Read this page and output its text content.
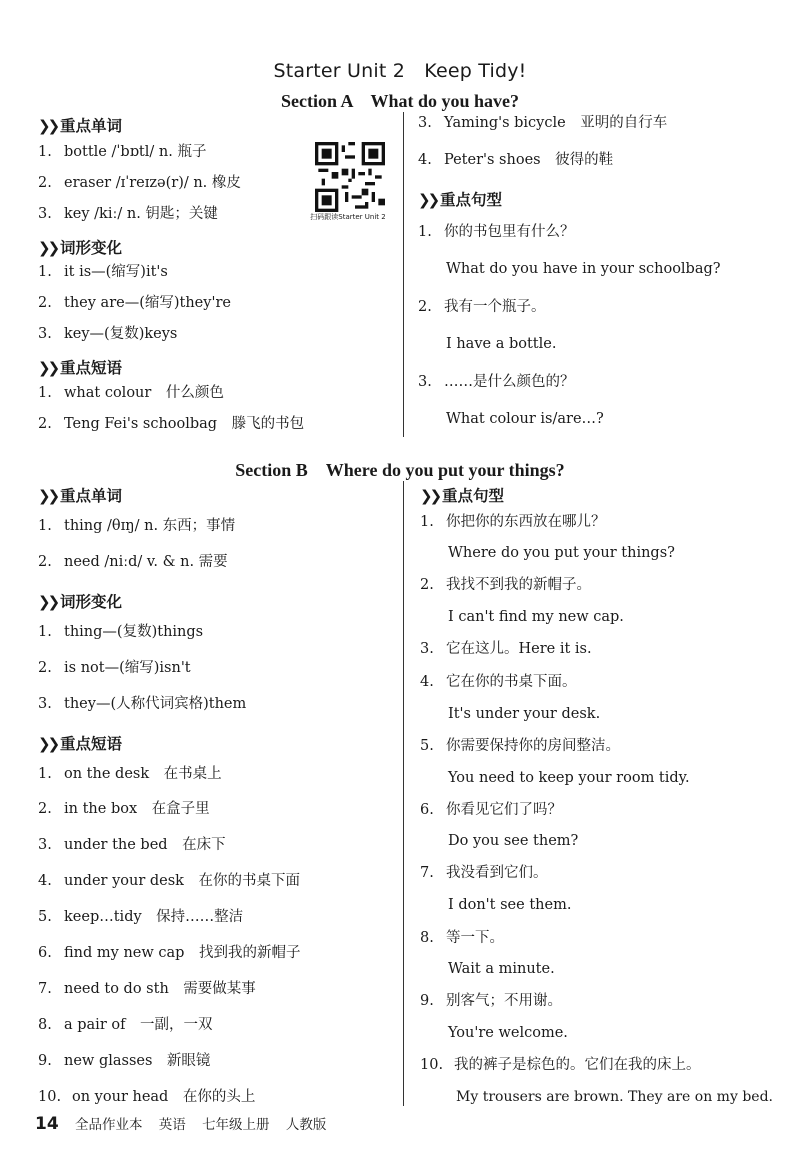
Starter Unit 2　Keep Tidy!
Section A　What do you have?
❯❯ 重点单词
1. bottle /ˈbɒtl/ n. 瓶子
2. eraser /ɪˈreɪzə(r)/ n. 橡皮
3. key /kiː/ n. 钥匙；关键	扫码跟读Starter Unit 2
❯❯ 词形变化
1. it is—(缩写)it's
2. they are—(缩写)they're
3. key—(复数)keys
❯❯ 重点短语
1. what colour　什么颜色
2. Teng Fei's schoolbag　滕飞的书包
3. Yaming's bicycle　亚明的自行车
4. Peter's shoes　彼得的鞋
❯❯ 重点句型
1. 你的书包里有什么？
What do you have in your schoolbag?
2. 我有一个瓶子。
I have a bottle.
3. ……是什么颜色的？
What colour is/are…?
Section B　Where do you put your things?
❯❯ 重点单词
1. thing /θɪŋ/ n. 东西；事情
2. need /niːd/ v. & n. 需要
❯❯ 词形变化
1. thing—(复数)things
2. is not—(缩写)isn't
3. they—(人称代词宾格)them
❯❯ 重点短语
1. on the desk　在书桌上
2. in the box　在盒子里
3. under the bed　在床下
4. under your desk　在你的书桌下面
5. keep…tidy　保持……整洁
6. find my new cap　找到我的新帽子
7. need to do sth　需要做某事
8. a pair of　一副，一双
9. new glasses　新眼镜
10. on your head　在你的头上
❯❯ 重点句型
1. 你把你的东西放在哪儿？
Where do you put your things?
2. 我找不到我的新帽子。
I can't find my new cap.
3. 它在这儿。Here it is.
4. 它在你的书桌下面。
It's under your desk.
5. 你需要保持你的房间整洁。
You need to keep your room tidy.
6. 你看见它们了吗？
Do you see them?
7. 我没看到它们。
I don't see them.
8. 等一下。
Wait a minute.
9. 别客气；不用谢。
You're welcome.
10. 我的裤子是棕色的。它们在我的床上。
My trousers are brown. They are on my bed.
14 全品作业本 英语 七年级上册 人教版
